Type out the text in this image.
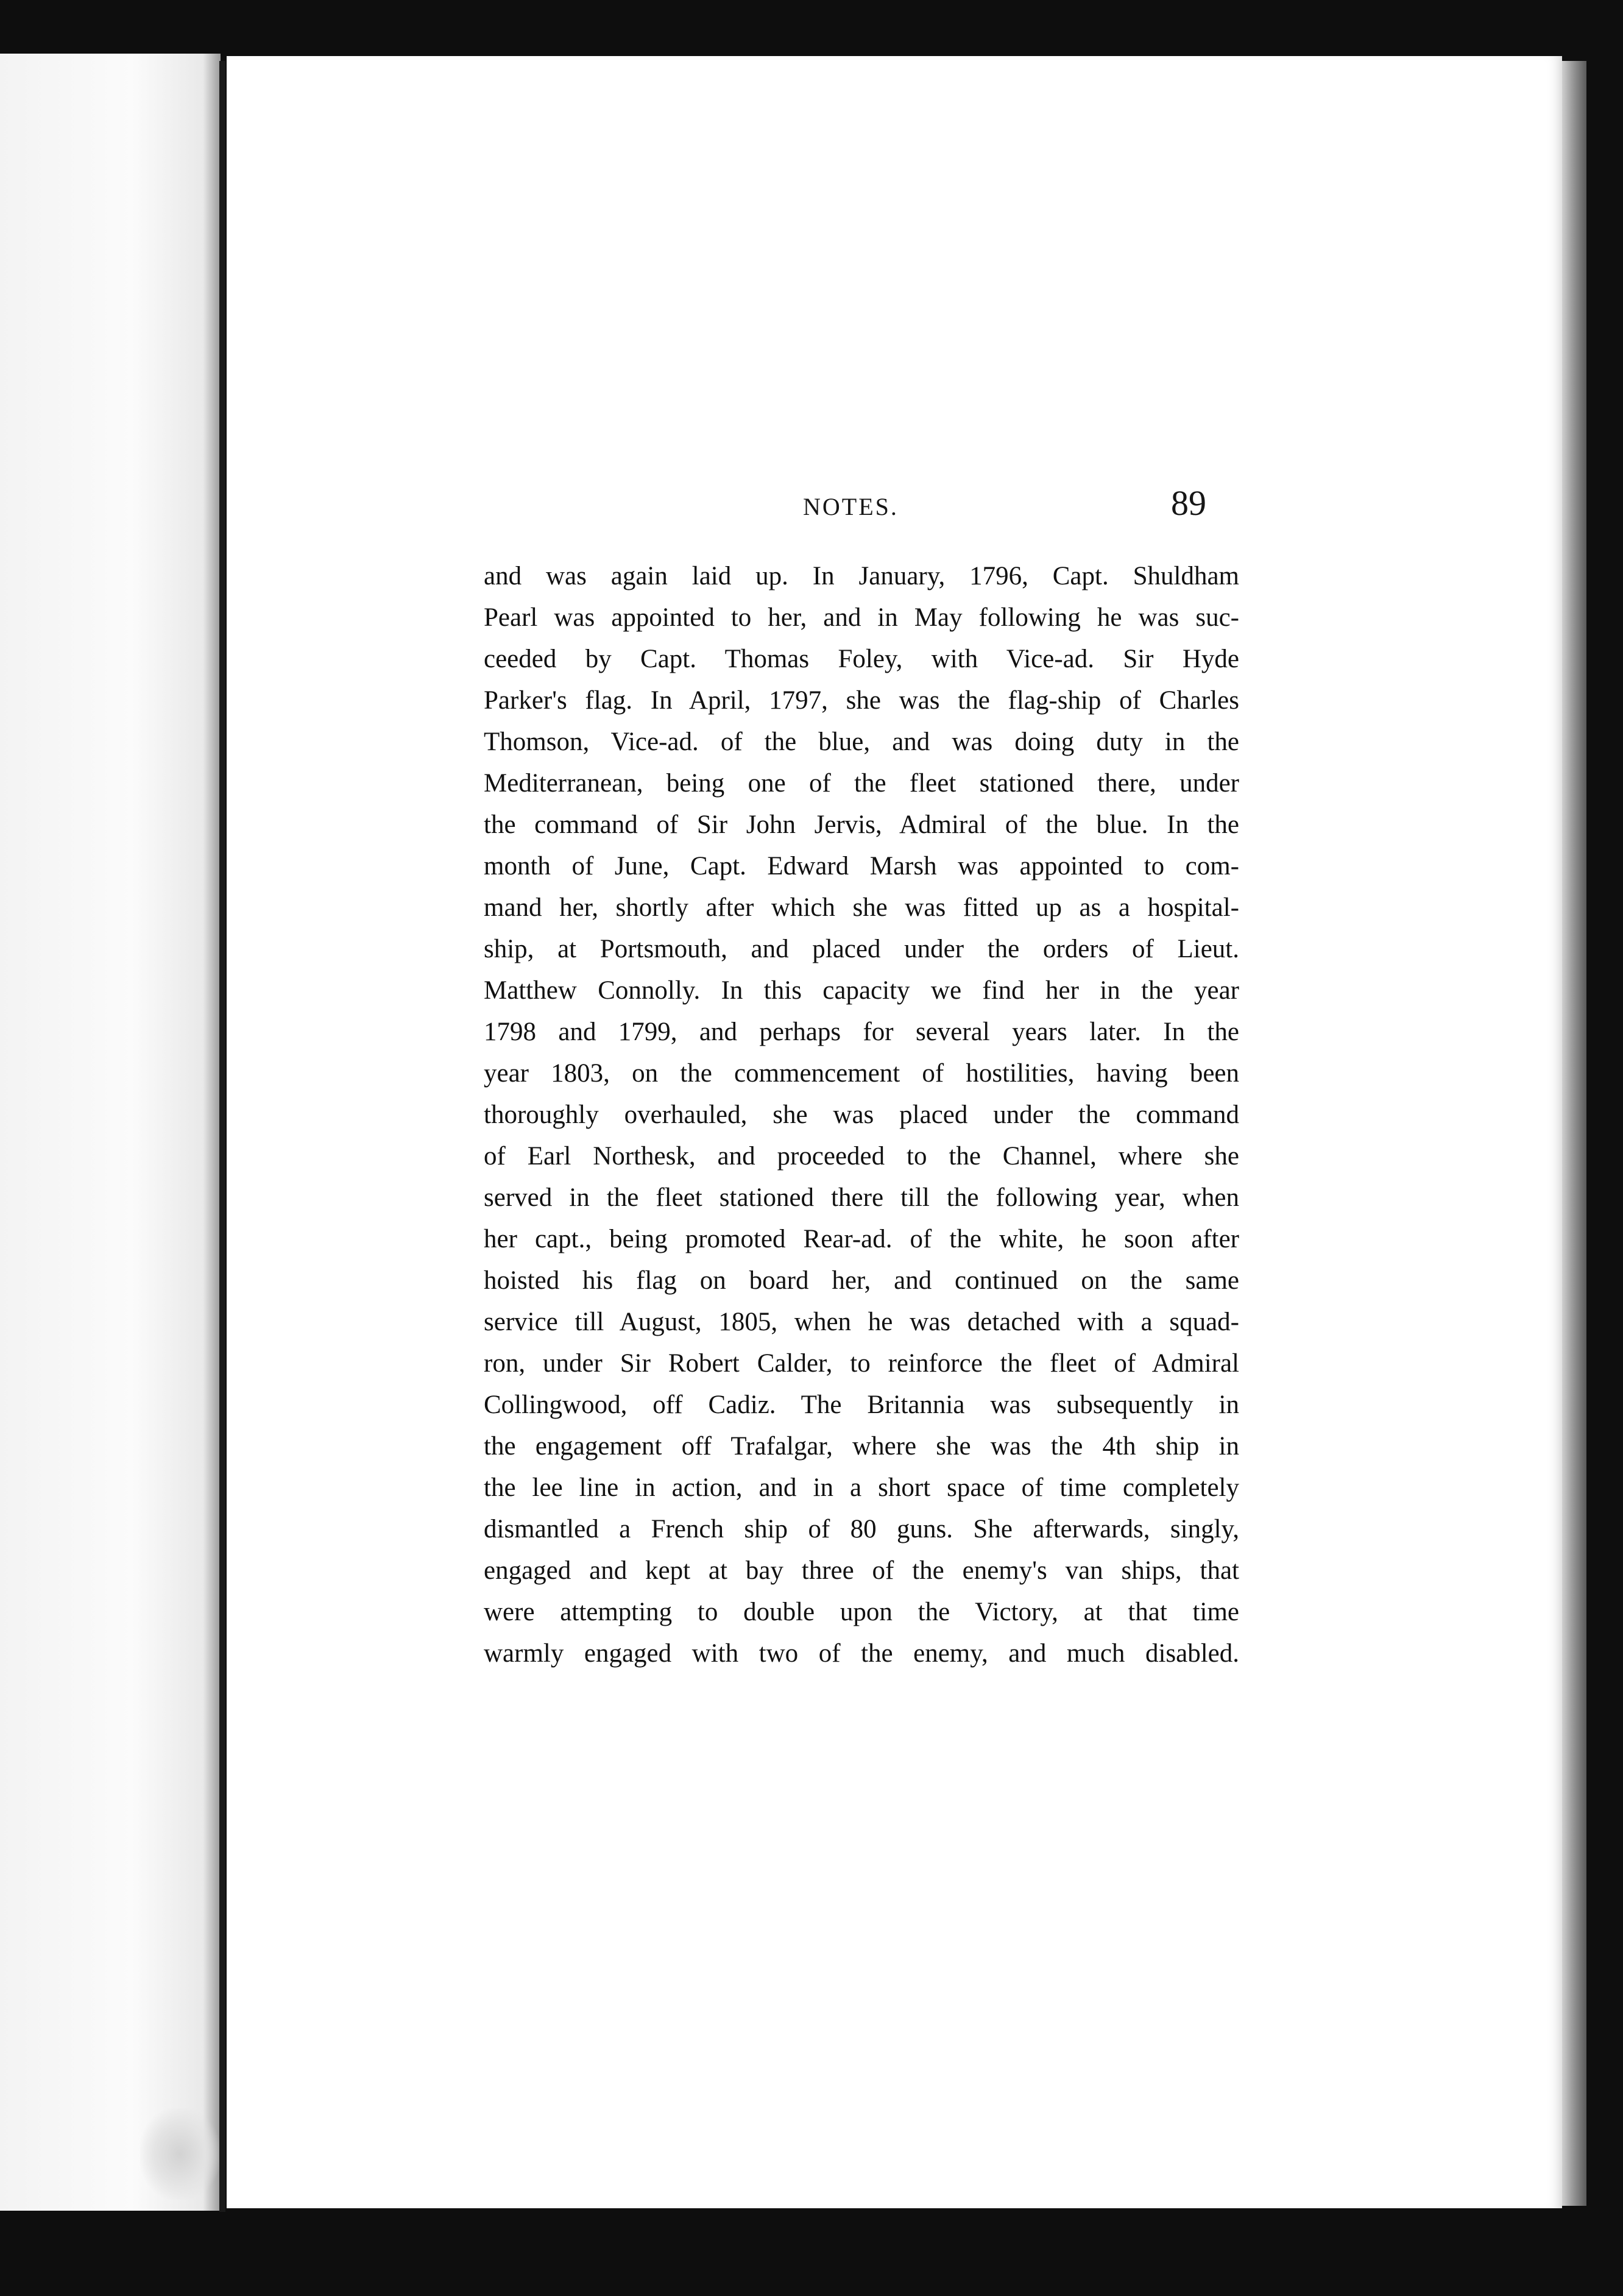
NOTES.	89
and was again laid up. In January, 1796, Capt. Shuldham
Pearl was appointed to her, and in May following he was suc-
ceeded by Capt. Thomas Foley, with Vice-ad. Sir Hyde
Parker's flag. In April, 1797, she was the flag-ship of Charles
Thomson, Vice-ad. of the blue, and was doing duty in the
Mediterranean, being one of the fleet stationed there, under
the command of Sir John Jervis, Admiral of the blue. In the
month of June, Capt. Edward Marsh was appointed to com-
mand her, shortly after which she was fitted up as a hospital-
ship, at Portsmouth, and placed under the orders of Lieut.
Matthew Connolly. In this capacity we find her in the year
1798 and 1799, and perhaps for several years later. In the
year 1803, on the commencement of hostilities, having been
thoroughly overhauled, she was placed under the command
of Earl Northesk, and proceeded to the Channel, where she
served in the fleet stationed there till the following year, when
her capt., being promoted Rear-ad. of the white, he soon after
hoisted his flag on board her, and continued on the same
service till August, 1805, when he was detached with a squad-
ron, under Sir Robert Calder, to reinforce the fleet of Admiral
Collingwood, off Cadiz. The Britannia was subsequently in
the engagement off Trafalgar, where she was the 4th ship in
the lee line in action, and in a short space of time completely
dismantled a French ship of 80 guns. She afterwards, singly,
engaged and kept at bay three of the enemy's van ships, that
were attempting to double upon the Victory, at that time
warmly engaged with two of the enemy, and much disabled.
